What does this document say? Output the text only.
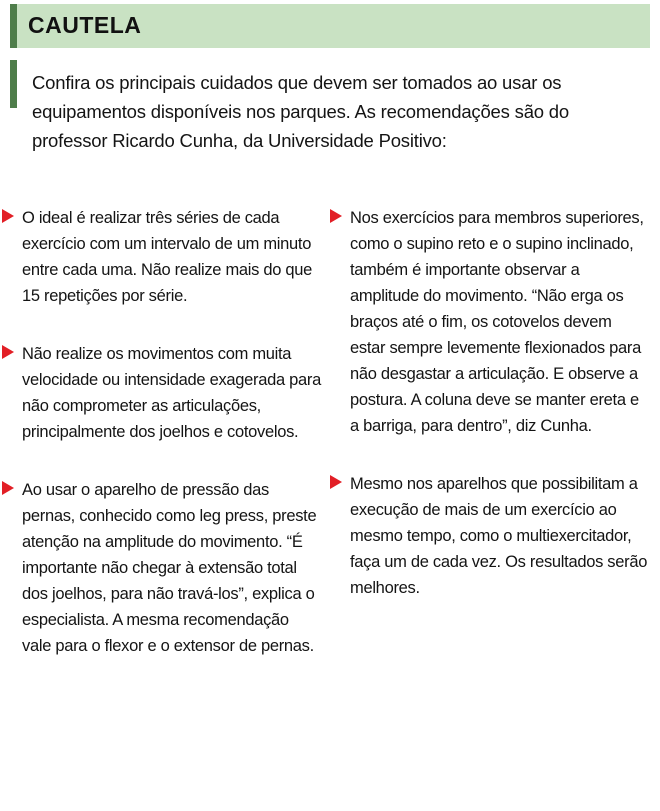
CAUTELA
Confira os principais cuidados que devem ser tomados ao usar os equipamentos disponíveis nos parques. As recomendações são do professor Ricardo Cunha, da Universidade Positivo:
O ideal é realizar três séries de cada exercício com um intervalo de um minuto entre cada uma. Não realize mais do que 15 repetições por série.
Não realize os movimentos com muita velocidade ou intensidade exagerada para não comprometer as articulações, principalmente dos joelhos e cotovelos.
Ao usar o aparelho de pressão das pernas, conhecido como leg press, preste atenção na amplitude do movimento. “É importante não chegar à extensão total dos joelhos, para não travá-los”, explica o especialista. A mesma recomendação vale para o flexor e o extensor de pernas.
Nos exercícios para membros superiores, como o supino reto e o supino inclinado, também é importante observar a amplitude do movimento. “Não erga os braços até o fim, os cotovelos devem estar sempre levemente flexionados para não desgastar a articulação. E observe a postura. A coluna deve se manter ereta e a barriga, para dentro”, diz Cunha.
Mesmo nos aparelhos que possibilitam a execução de mais de um exercício ao mesmo tempo, como o multiexercitador, faça um de cada vez. Os resultados serão melhores.
